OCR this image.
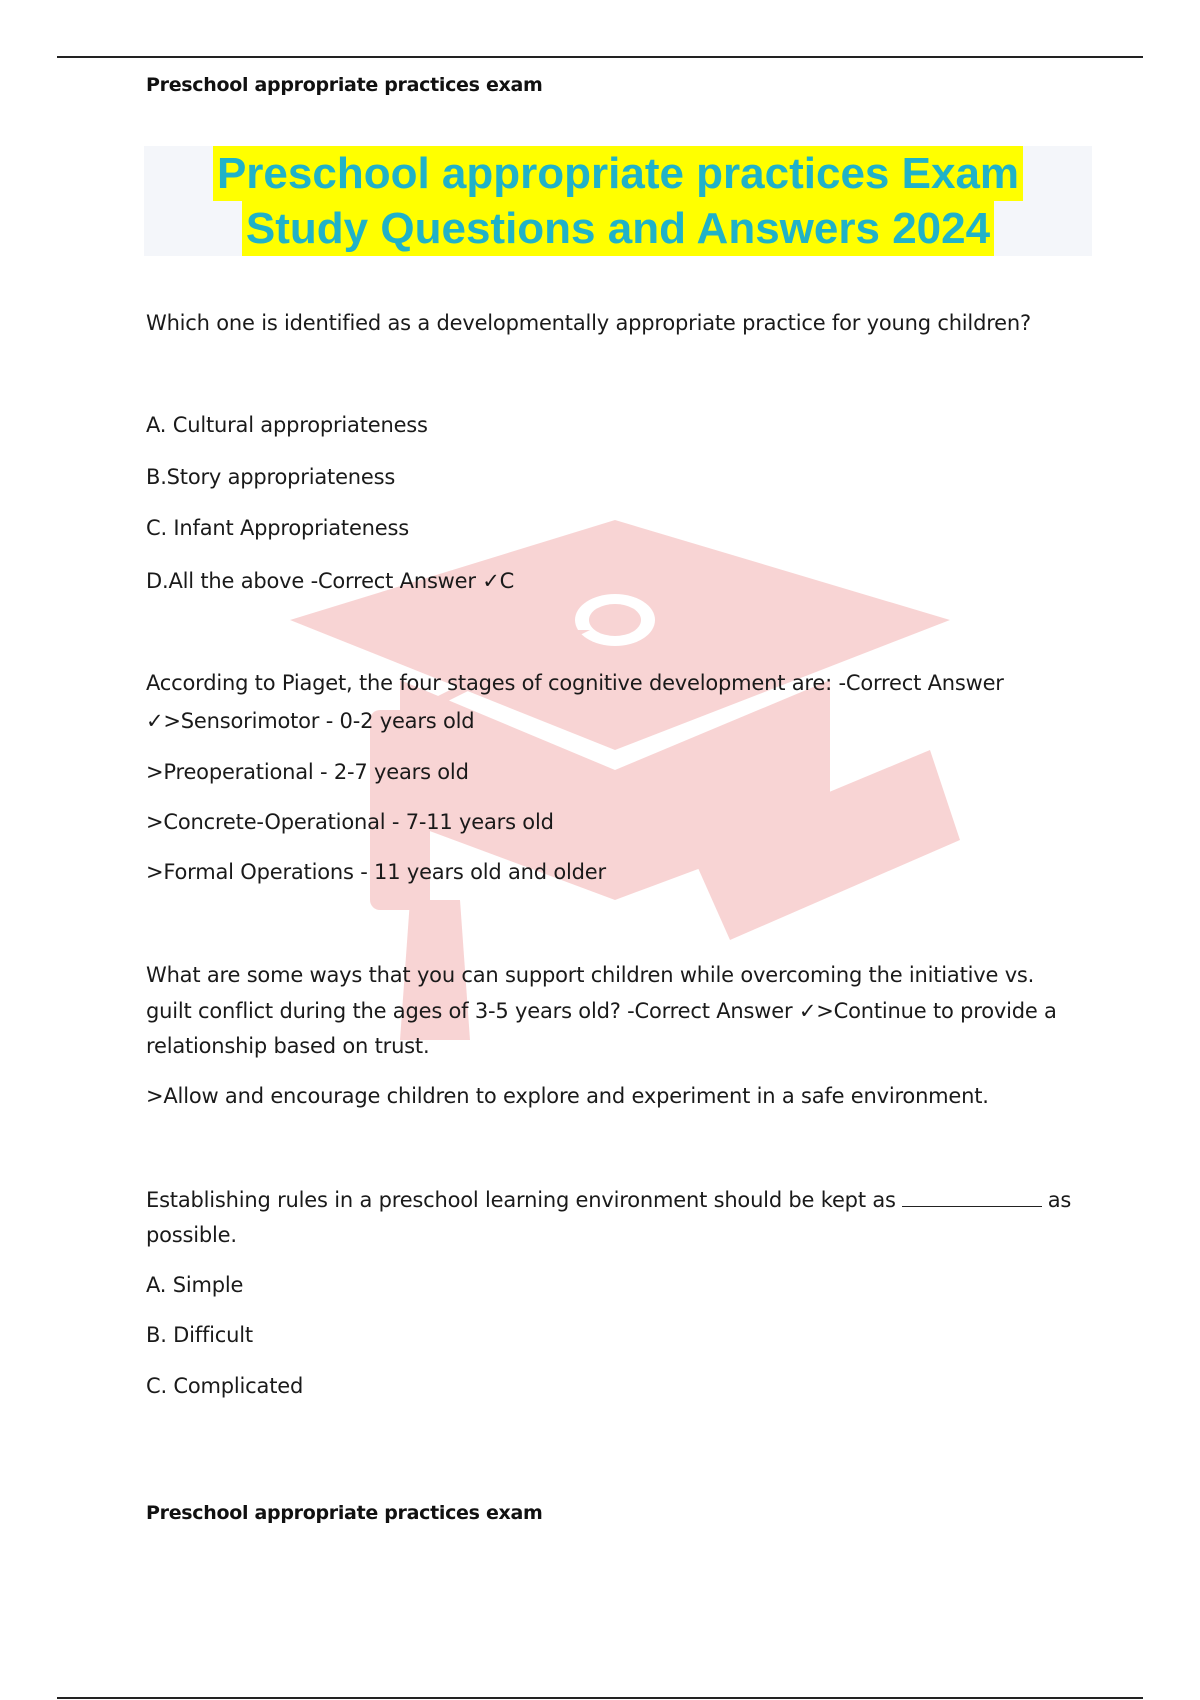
Preschool appropriate practices exam
Preschool appropriate practices Exam
Study Questions and Answers 2024
Which one is identified as a developmentally appropriate practice for young children?
A. Cultural appropriateness
B.Story appropriateness
C. Infant Appropriateness
D.All the above -Correct Answer ✓C
According to Piaget, the four stages of cognitive development are: -Correct Answer
✓>Sensorimotor - 0-2 years old
>Preoperational - 2-7 years old
>Concrete-Operational - 7-11 years old
>Formal Operations - 11 years old and older
What are some ways that you can support children while overcoming the initiative vs.
guilt conflict during the ages of 3-5 years old? -Correct Answer ✓>Continue to provide a
relationship based on trust.
>Allow and encourage children to explore and experiment in a safe environment.
Establishing rules in a preschool learning environment should be kept as	as
possible.
A. Simple
B. Difficult
C. Complicated
Preschool appropriate practices exam
